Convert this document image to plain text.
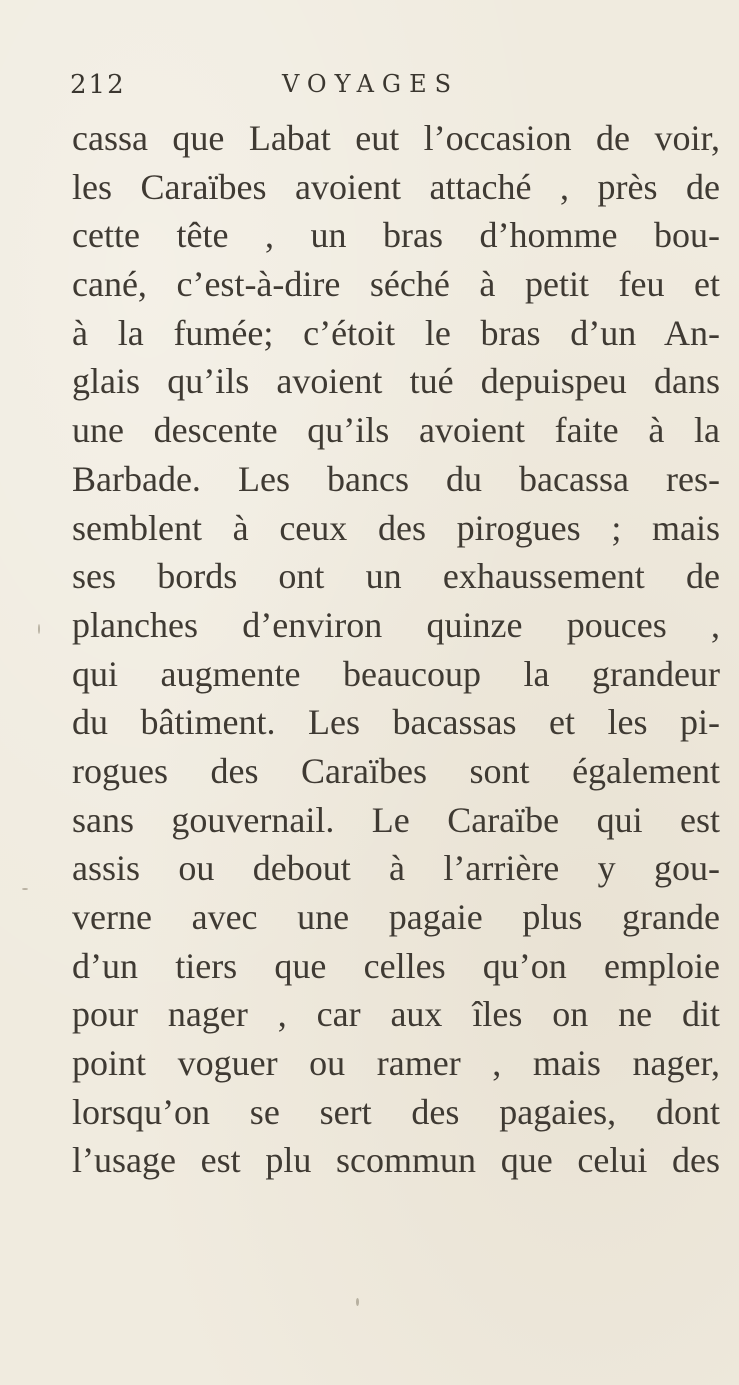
212	VOYAGES
cassa que Labat eut l’occasion de voir,
les Caraïbes avoient attaché , près de
cette tête , un bras d’homme bou-
cané, c’est-à-dire séché à petit feu et
à la fumée; c’étoit le bras d’un An-
glais qu’ils avoient tué depuispeu dans
une descente qu’ils avoient faite à la
Barbade. Les bancs du bacassa res-
semblent à ceux des pirogues ; mais
ses bords ont un exhaussement de
planches d’environ quinze pouces ,
qui augmente beaucoup la grandeur
du bâtiment. Les bacassas et les pi-
rogues des Caraïbes sont également
sans gouvernail. Le Caraïbe qui est
assis ou debout à l’arrière y gou-
verne avec une pagaie plus grande
d’un tiers que celles qu’on emploie
pour nager , car aux îles on ne dit
point voguer ou ramer , mais nager,
lorsqu’on se sert des pagaies, dont
l’usage est plu scommun que celui des
